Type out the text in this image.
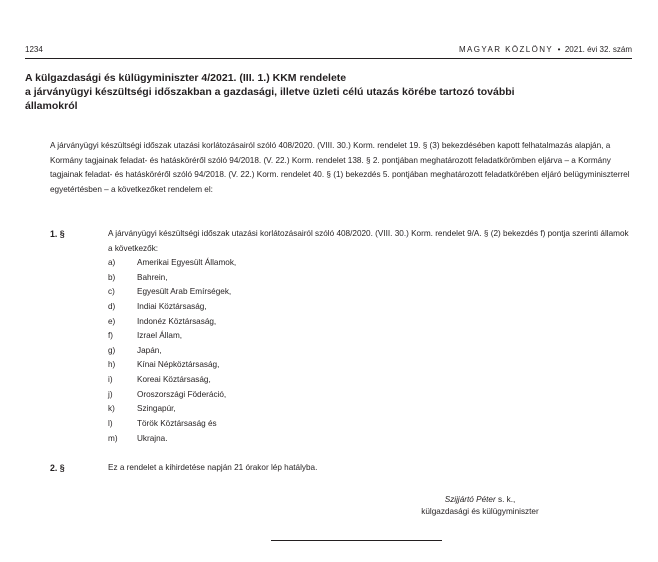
1234	MAGYAR KÖZLÖNY • 2021. évi 32. szám
A külgazdasági és külügyminiszter 4/2021. (III. 1.) KKM rendelete
a járványügyi készültségi időszakban a gazdasági, illetve üzleti célú utazás körébe tartozó további
államokról
A járványügyi készültségi időszak utazási korlátozásairól szóló 408/2020. (VIII. 30.) Korm. rendelet 19. § (3) bekezdésében kapott felhatalmazás alapján, a Kormány tagjainak feladat- és hatásköréről szóló 94/2018. (V. 22.) Korm. rendelet 138. § 2. pontjában meghatározott feladatkörömben eljárva – a Kormány tagjainak feladat- és hatásköréről szóló 94/2018. (V. 22.) Korm. rendelet 40. § (1) bekezdés 5. pontjában meghatározott feladatkörében eljáró belügyminiszterrel egyetértésben – a következőket rendelem el:
1. §	A járványügyi készültségi időszak utazási korlátozásairól szóló 408/2020. (VIII. 30.) Korm. rendelet 9/A. § (2) bekezdés f) pontja szerinti államok a következők:
a)	Amerikai Egyesült Államok,
b)	Bahrein,
c)	Egyesült Arab Emírségek,
d)	Indiai Köztársaság,
e)	Indonéz Köztársaság,
f)	Izrael Állam,
g)	Japán,
h)	Kínai Népköztársaság,
i)	Koreai Köztársaság,
j)	Oroszországi Föderáció,
k)	Szingapúr,
l)	Török Köztársaság és
m) Ukrajna.
2. §	Ez a rendelet a kihirdetése napján 21 órakor lép hatályba.
Szijjártó Péter s. k.,
külgazdasági és külügyminiszter
